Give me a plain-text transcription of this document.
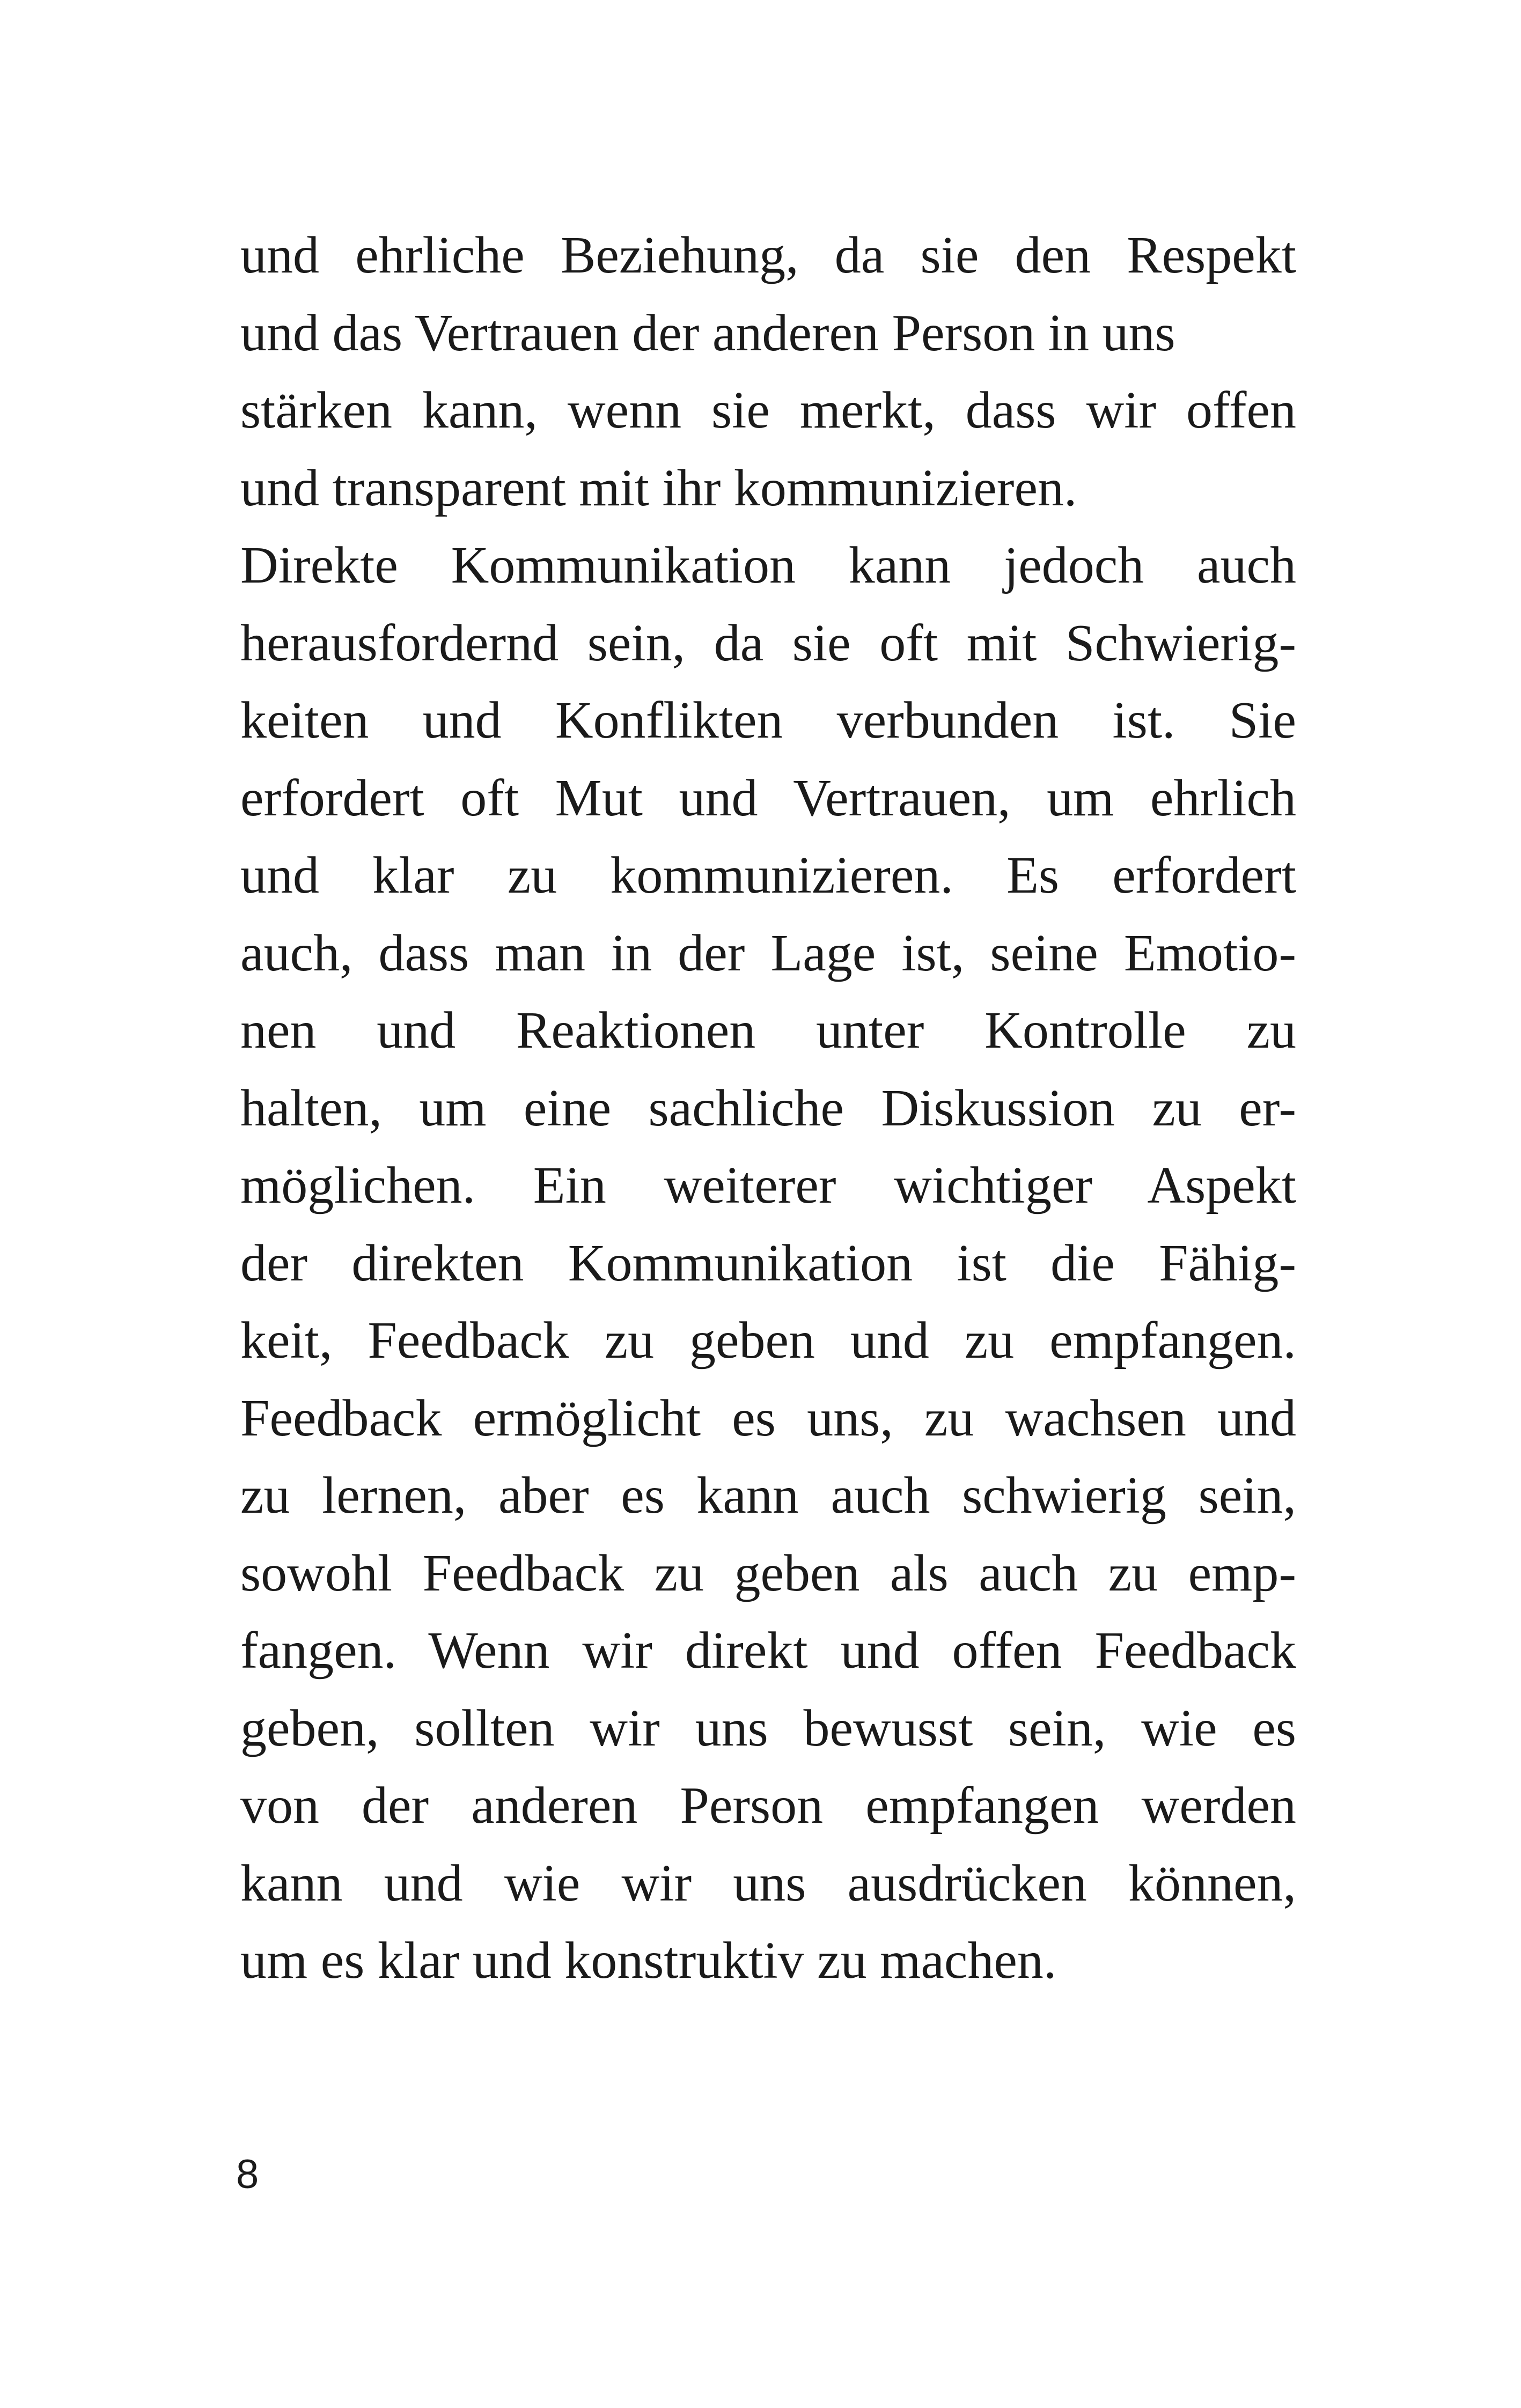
und ehrliche Beziehung, da sie den Respekt
und das Vertrauen der anderen Person in uns
stärken kann, wenn sie merkt, dass wir offen
und transparent mit ihr kommunizieren.
Direkte Kommunikation kann jedoch auch
herausfordernd sein, da sie oft mit Schwierig-
keiten und Konflikten verbunden ist. Sie
erfordert oft Mut und Vertrauen, um ehrlich
und klar zu kommunizieren. Es erfordert
auch, dass man in der Lage ist, seine Emotio-
nen und Reaktionen unter Kontrolle zu
halten, um eine sachliche Diskussion zu er-
möglichen. Ein weiterer wichtiger Aspekt
der direkten Kommunikation ist die Fähig-
keit, Feedback zu geben und zu empfangen.
Feedback ermöglicht es uns, zu wachsen und
zu lernen, aber es kann auch schwierig sein,
sowohl Feedback zu geben als auch zu emp-
fangen. Wenn wir direkt und offen Feedback
geben, sollten wir uns bewusst sein, wie es
von der anderen Person empfangen werden
kann und wie wir uns ausdrücken können,
um es klar und konstruktiv zu machen.
8
